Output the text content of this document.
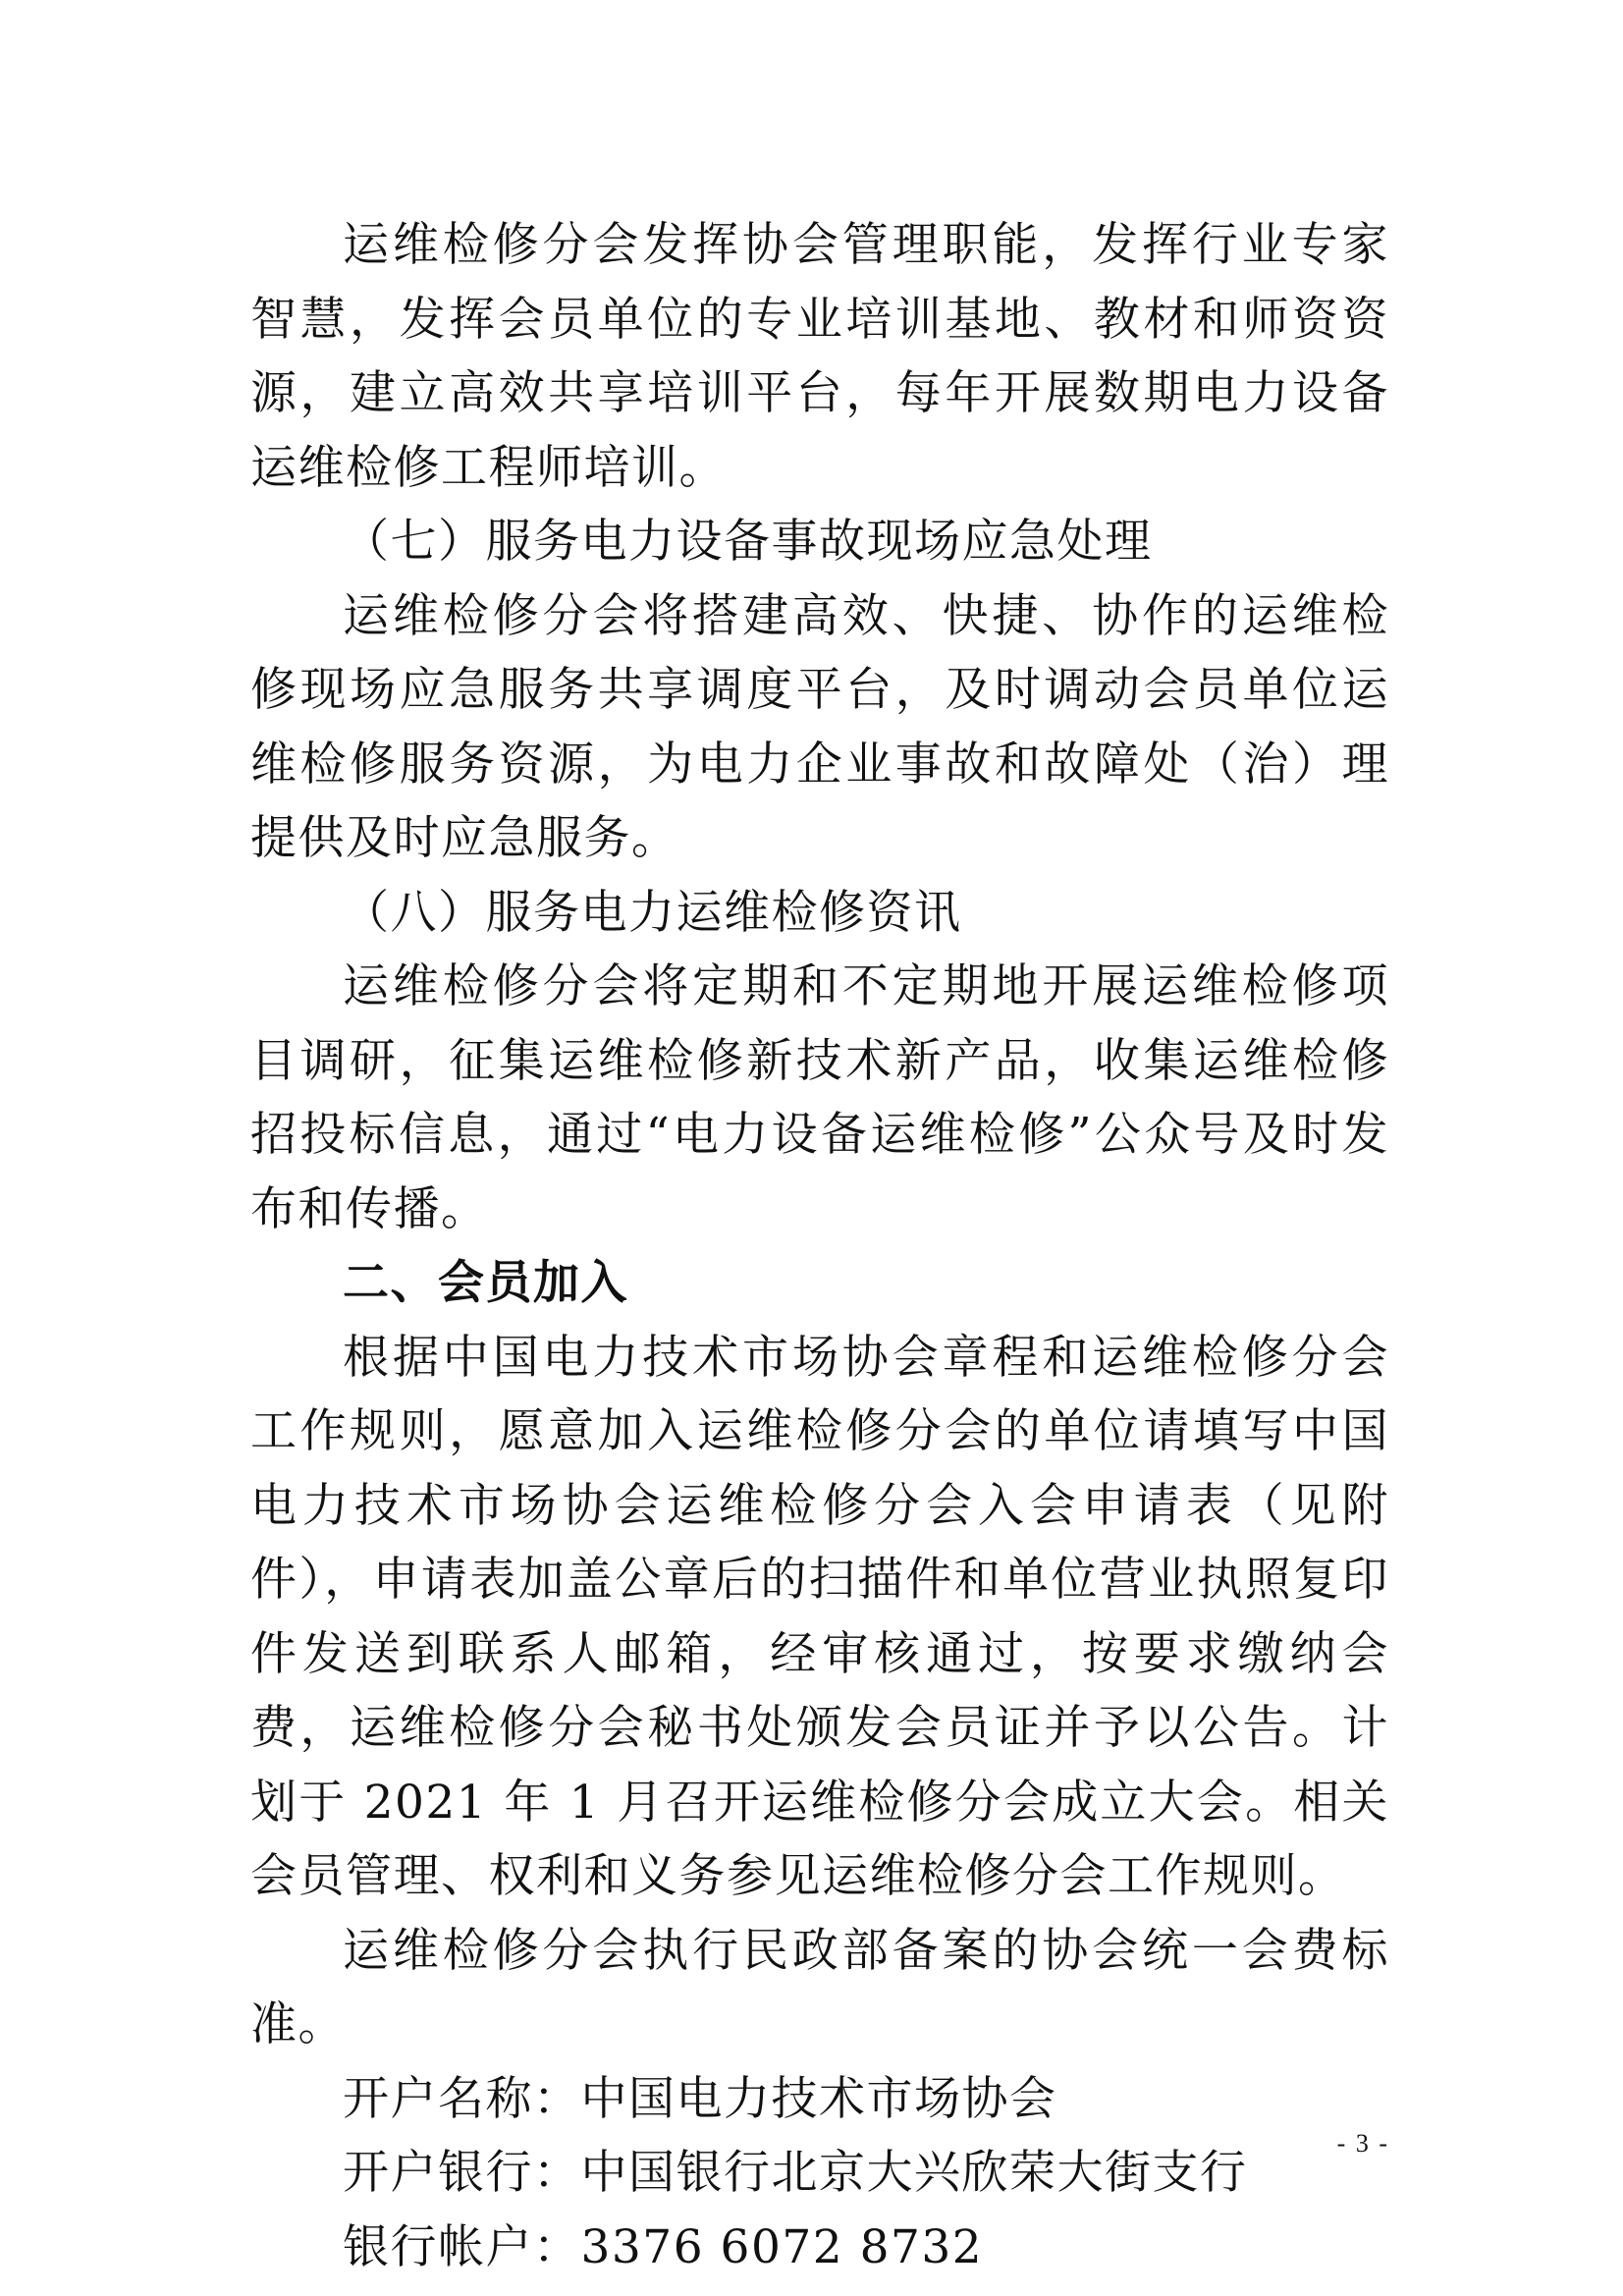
运维检修分会发挥协会管理职能，发挥行业专家智慧，发挥会员单位的专业培训基地、教材和师资资源，建立高效共享培训平台，每年开展数期电力设备运维检修工程师培训。

（七）服务电力设备事故现场应急处理

运维检修分会将搭建高效、快捷、协作的运维检修现场应急服务共享调度平台，及时调动会员单位运维检修服务资源，为电力企业事故和故障处（治）理提供及时应急服务。

（八）服务电力运维检修资讯

运维检修分会将定期和不定期地开展运维检修项目调研，征集运维检修新技术新产品，收集运维检修招投标信息，通过“电力设备运维检修”公众号及时发布和传播。

二、会员加入

根据中国电力技术市场协会章程和运维检修分会工作规则，愿意加入运维检修分会的单位请填写中国电力技术市场协会运维检修分会入会申请表（见附件），申请表加盖公章后的扫描件和单位营业执照复印件发送到联系人邮箱，经审核通过，按要求缴纳会费，运维检修分会秘书处颁发会员证并予以公告。计划于 2021 年 1 月召开运维检修分会成立大会。相关会员管理、权利和义务参见运维检修分会工作规则。

运维检修分会执行民政部备案的协会统一会费标准。

开户名称：中国电力技术市场协会

开户银行：中国银行北京大兴欣荣大街支行

银行帐户：3376 6072 8732

- 3 -
